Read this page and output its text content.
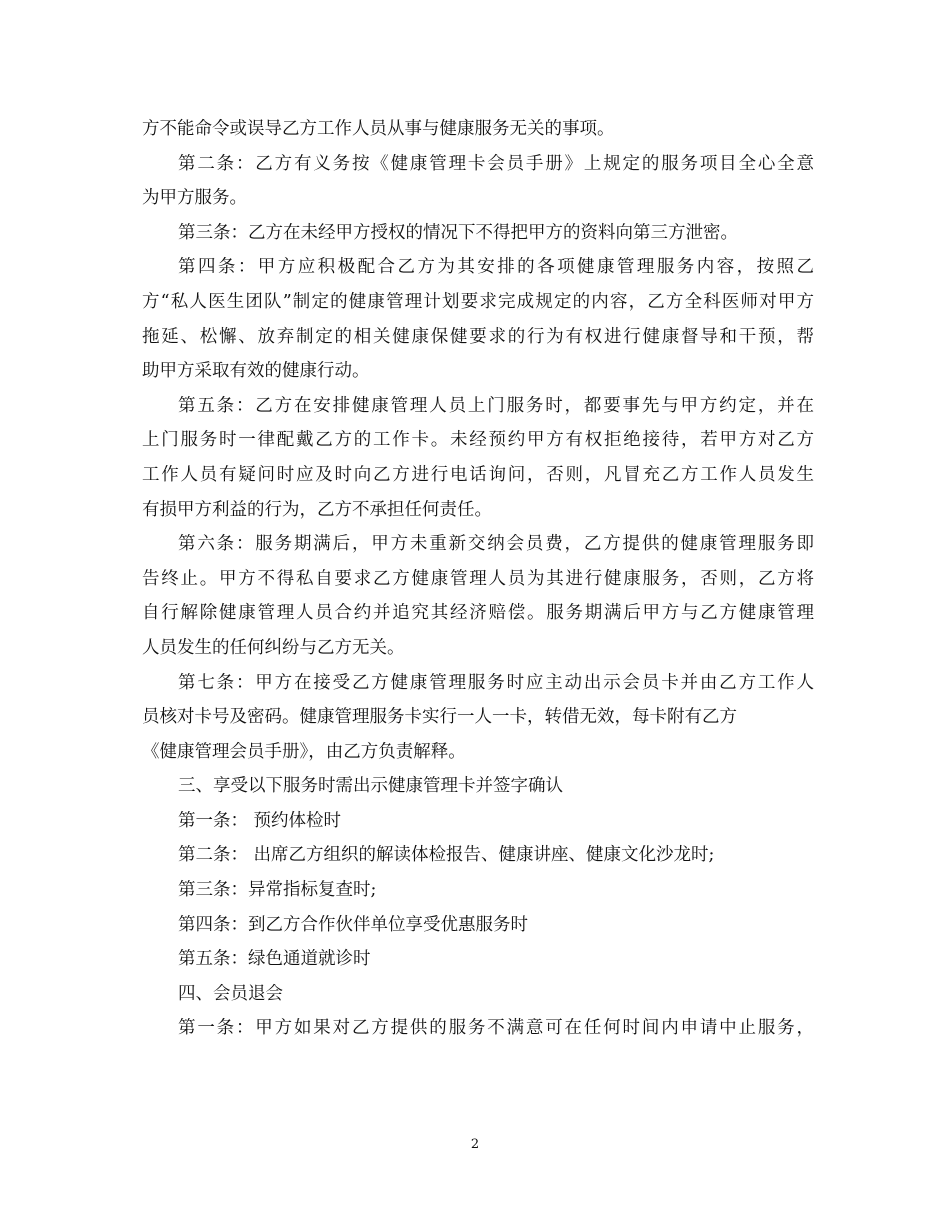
方不能命令或误导乙方工作人员从事与健康服务无关的事项。
第二条：乙方有义务按《健康管理卡会员手册》上规定的服务项目全心全意
为甲方服务。
第三条：乙方在未经甲方授权的情况下不得把甲方的资料向第三方泄密。
第四条：甲方应积极配合乙方为其安排的各项健康管理服务内容，按照乙
方“私人医生团队”制定的健康管理计划要求完成规定的内容，乙方全科医师对甲方
拖延、松懈、放弃制定的相关健康保健要求的行为有权进行健康督导和干预，帮
助甲方采取有效的健康行动。
第五条：乙方在安排健康管理人员上门服务时，都要事先与甲方约定，并在
上门服务时一律配戴乙方的工作卡。未经预约甲方有权拒绝接待，若甲方对乙方
工作人员有疑问时应及时向乙方进行电话询问，否则，凡冒充乙方工作人员发生
有损甲方利益的行为，乙方不承担任何责任。
第六条：服务期满后，甲方未重新交纳会员费，乙方提供的健康管理服务即
告终止。甲方不得私自要求乙方健康管理人员为其进行健康服务，否则，乙方将
自行解除健康管理人员合约并追究其经济赔偿。服务期满后甲方与乙方健康管理
人员发生的任何纠纷与乙方无关。
第七条：甲方在接受乙方健康管理服务时应主动出示会员卡并由乙方工作人
员核对卡号及密码。健康管理服务卡实行一人一卡，转借无效，每卡附有乙方
《健康管理会员手册》，由乙方负责解释。
三、享受以下服务时需出示健康管理卡并签字确认
第一条： 预约体检时
第二条： 出席乙方组织的解读体检报告、健康讲座、健康文化沙龙时;
第三条：异常指标复查时;
第四条：到乙方合作伙伴单位享受优惠服务时
第五条：绿色通道就诊时
四、会员退会
第一条：甲方如果对乙方提供的服务不满意可在任何时间内申请中止服务，
2
